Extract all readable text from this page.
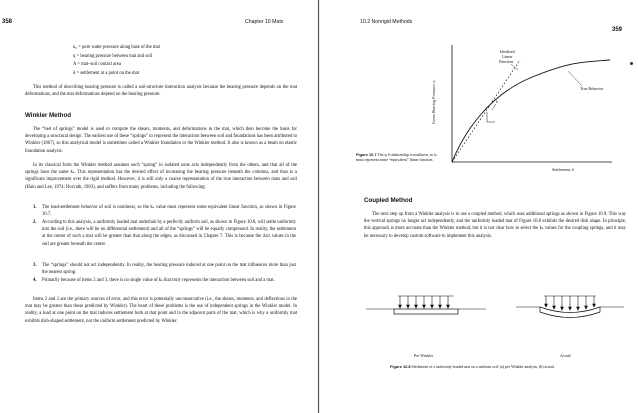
358	Chapter 10 Mats
u₀ = pore water pressure along base of the mat
q = bearing pressure between mat and soil
A = mat–soil contact area
δ = settlement at a point on the mat

This method of describing bearing pressure is called a soil-structure interaction analysis because the bearing pressure depends on the mat deformations, and the mat deformations depend on the bearing pressure.

Winkler Method

The “bed of springs” model is used to compute the shears, moments, and deformations in the mat, which then become the basis for developing a structural design. The earliest use of these “springs” to represent the interaction between soil and foundations has been attributed to Winkler (1867), so this analytical model is sometimes called a Winkler foundation or the Winkler method. It also is known as a beam on elastic foundation analysis.

In its classical form the Winkler method assumes each “spring” in isolated zone acts independently from the others, and that all of the springs have the same kₛ. This representation has the desired effect of increasing the bearing pressure beneath the columns, and thus is a significant improvement over the rigid method. However, it is still only a coarse representation of the true interaction between mats and soil (Hain and Lee, 1974; Horvath, 1983), and suffers from many problems, including the following:

1. The load-settlement behavior of soil is nonlinear, so the kₛ value must represent some equivalent linear function, as shown in Figure 10.7.
2. According to this analysis, a uniformly loaded mat underlain by a perfectly uniform soil, as shown in Figure 10.8, will settle uniformly into the soil (i.e., there will be no differential settlement) and all of the “springs” will be equally compressed. In reality, the settlement at the center of such a mat will be greater than that along the edges, as discussed in Chapter 7. This is because the Δσz values in the soil are greater beneath the center.
3. The “springs” should not act independently. In reality, the bearing pressure induced at one point on the mat influences more than just the nearest spring.
4. Primarily because of items 2 and 3, there is no single value of kₛ that truly represents the interaction between soil and a mat.

Items 2 and 3 are the primary sources of error, and this error is potentially unconservative (i.e., the shears, moments, and deflections in the mat may be greater than those predicted by Winkler). The heart of these problems is the use of independent springs in the Winkler model. In reality, a load at one point on the mat induces settlement both at that point and in the adjacent parts of the mat, which is why a uniformly mat exhibits dish-shaped settlement, not the uniform settlement predicted by Winkler.

10.2 Nonrigid Methods
359
Gross Bearing Pressure, q
Settlement, δ
Idealized
Linear
Function
True Behavior
k

Figure 10.7 The q-δ relationship is nonlinear, so kₛ must represent some “equivalent” linear function.

Coupled Method

The next step up from a Winkler analysis is to use a coupled method, which uses additional springs as shown in Figure 10.9. This way the vertical springs no longer act independently, and the uniformly loaded mat of Figure 10.8 exhibits the desired dish shape. In principle, this approach is more accurate than the Winkler method, but it is not clear how to select the kₛ values for the coupling springs, and it may be necessary to develop custom software to implement this analysis.

Per Winkler	Actual

Figure 10.8 Settlement of a uniformly-loaded mat on a uniform soil: (a) per Winkler analysis, (b) actual.
